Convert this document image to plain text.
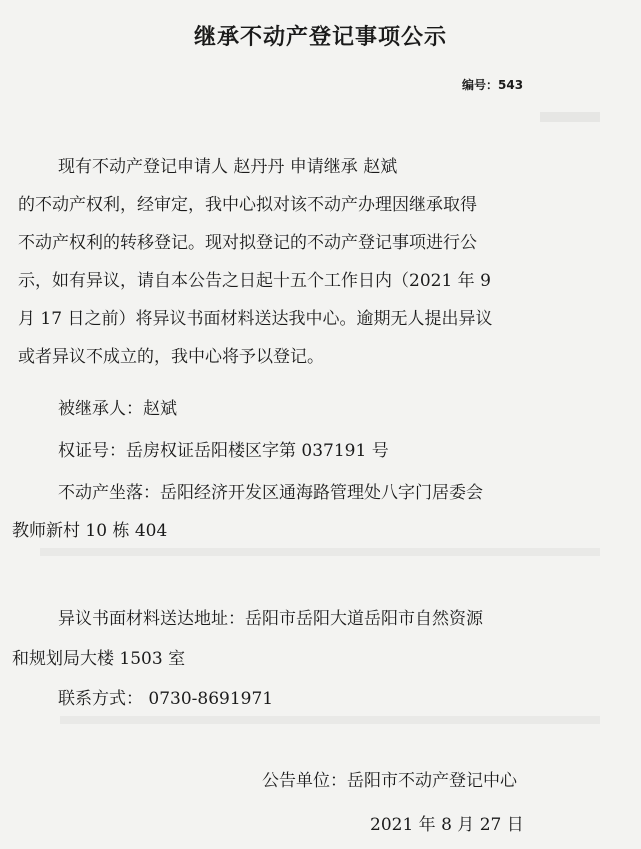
继承不动产登记事项公示
编号：543
现有不动产登记申请人 赵丹丹 申请继承 赵斌
的不动产权利，经审定，我中心拟对该不动产办理因继承取得
不动产权利的转移登记。现对拟登记的不动产登记事项进行公
示，如有异议，请自本公告之日起十五个工作日内（2021 年 9
月 17 日之前）将异议书面材料送达我中心。逾期无人提出异议
或者异议不成立的，我中心将予以登记。
被继承人：赵斌
权证号：岳房权证岳阳楼区字第 037191 号
不动产坐落：岳阳经济开发区通海路管理处八字门居委会
教师新村 10 栋 404
异议书面材料送达地址：岳阳市岳阳大道岳阳市自然资源
和规划局大楼 1503 室
联系方式： 0730-8691971
公告单位：岳阳市不动产登记中心
2021 年 8 月 27 日
